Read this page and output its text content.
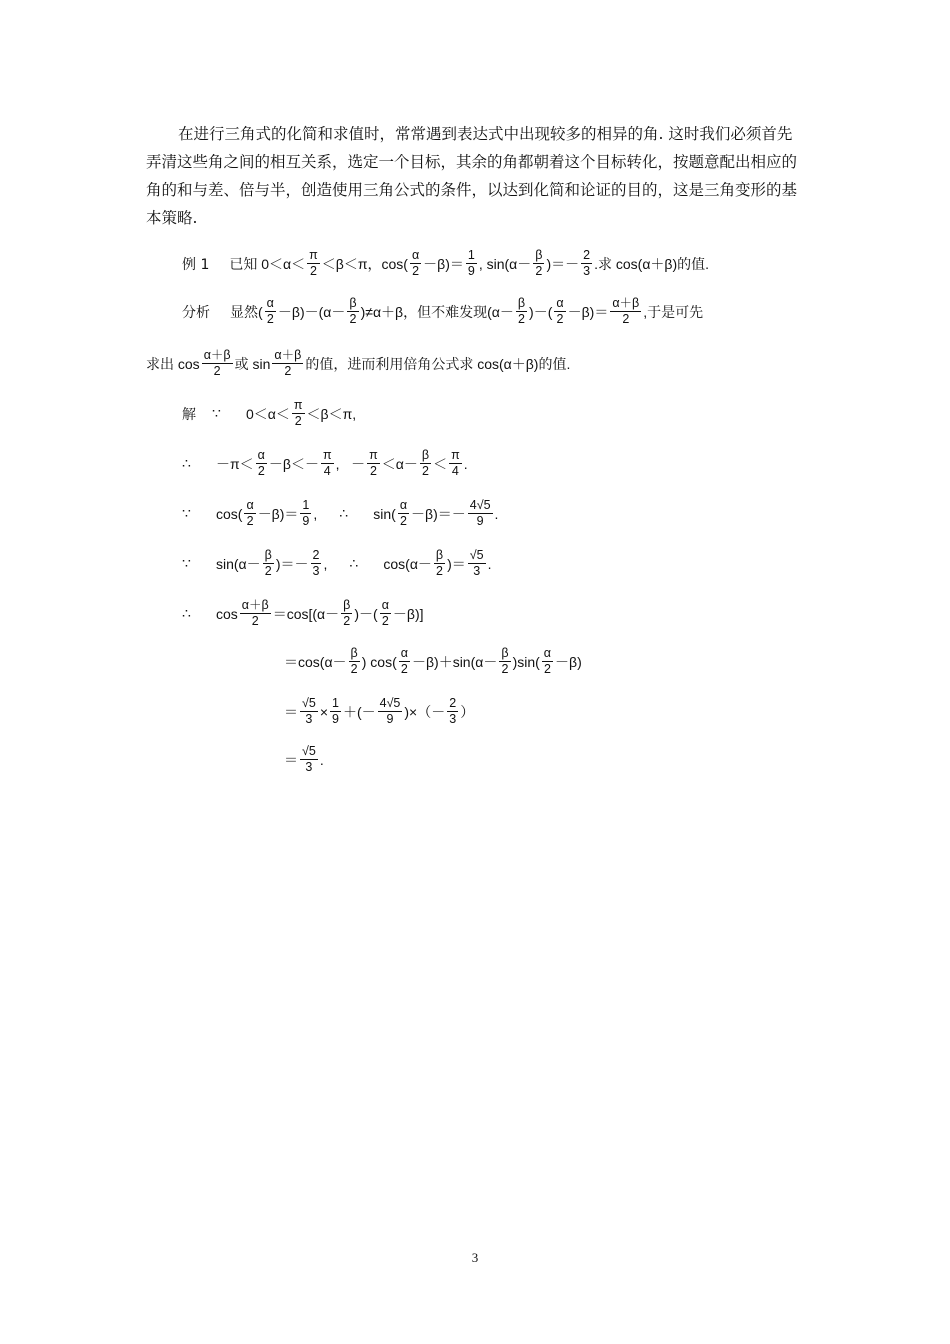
在进行三角式的化简和求值时，常常遇到表达式中出现较多的相异的角. 这时我们必须首先弄清这些角之间的相互关系，选定一个目标，其余的角都朝着这个目标转化，按题意配出相应的角的和与差、倍与半，创造使用三角公式的条件，以达到化简和论证的目的，这是三角变形的基本策略.

例 1 已知 $0<\alpha< \frac{\pi}{2} <\beta<\pi$，$\cos( \frac{\alpha}{2} -\beta)= \frac{1}{9}$ , $\sin(\alpha- \frac{\beta}{2}$ )＝－ $\frac{2}{3}$ .求 cos(α＋β)的值.
分析 显然( $\frac{\alpha}{2} -\beta)-(\alpha- \frac{\beta}{2} )\ne\alpha+\beta$，但不难发现($\alpha- \frac{\beta}{2}$ )－( $\frac{\alpha}{2} -\beta)= \frac{\alpha+\beta}{2}$ ,于是可先
求出 $\cos \frac{\alpha+\beta}{2}$ 或 $\sin \frac{\alpha+\beta}{2}$ 的值，进而利用倍角公式求 cos(α＋β)的值.
解 ∵	$0<\alpha< \frac{\pi}{2} <\beta<\pi$,
∴	$-\pi< \frac{\alpha}{2} -\beta<- \frac{\pi}{4}$ ,   － $\frac{\pi}{2} <\alpha- \frac{\beta}{2} < \frac{\pi}{4}$ .
∵	$\cos( \frac{\alpha}{2} -\beta)= \frac{1}{9}$ , ∴	$\sin( \frac{\alpha}{2} -\beta)=- \frac{4√5}{9}$ .
∵	$\sin(\alpha- \frac{\beta}{2}$ )＝－ $\frac{2}{3}$ , ∴	$\cos(\alpha- \frac{\beta}{2}$ )＝ $\frac{√5}{3}$ .
∴	$\cos \frac{\alpha+\beta}{2} =\cos[(\alpha- \frac{\beta}{2}$ )－( $\frac{\alpha}{2} -\beta$)]
$=\cos(\alpha- \frac{\beta}{2}$ ) $\cos( \frac{\alpha}{2} -\beta)+\sin(\alpha- \frac{\beta}{2} )\sin( \frac{\alpha}{2} -\beta)$
＝ $\frac{√5}{3} \times \frac{1}{9}$ ＋(－ $\frac{4√5}{9}$ )×（－ $\frac{2}{3}$ ）
＝ $\frac{√5}{3}$ .
3
